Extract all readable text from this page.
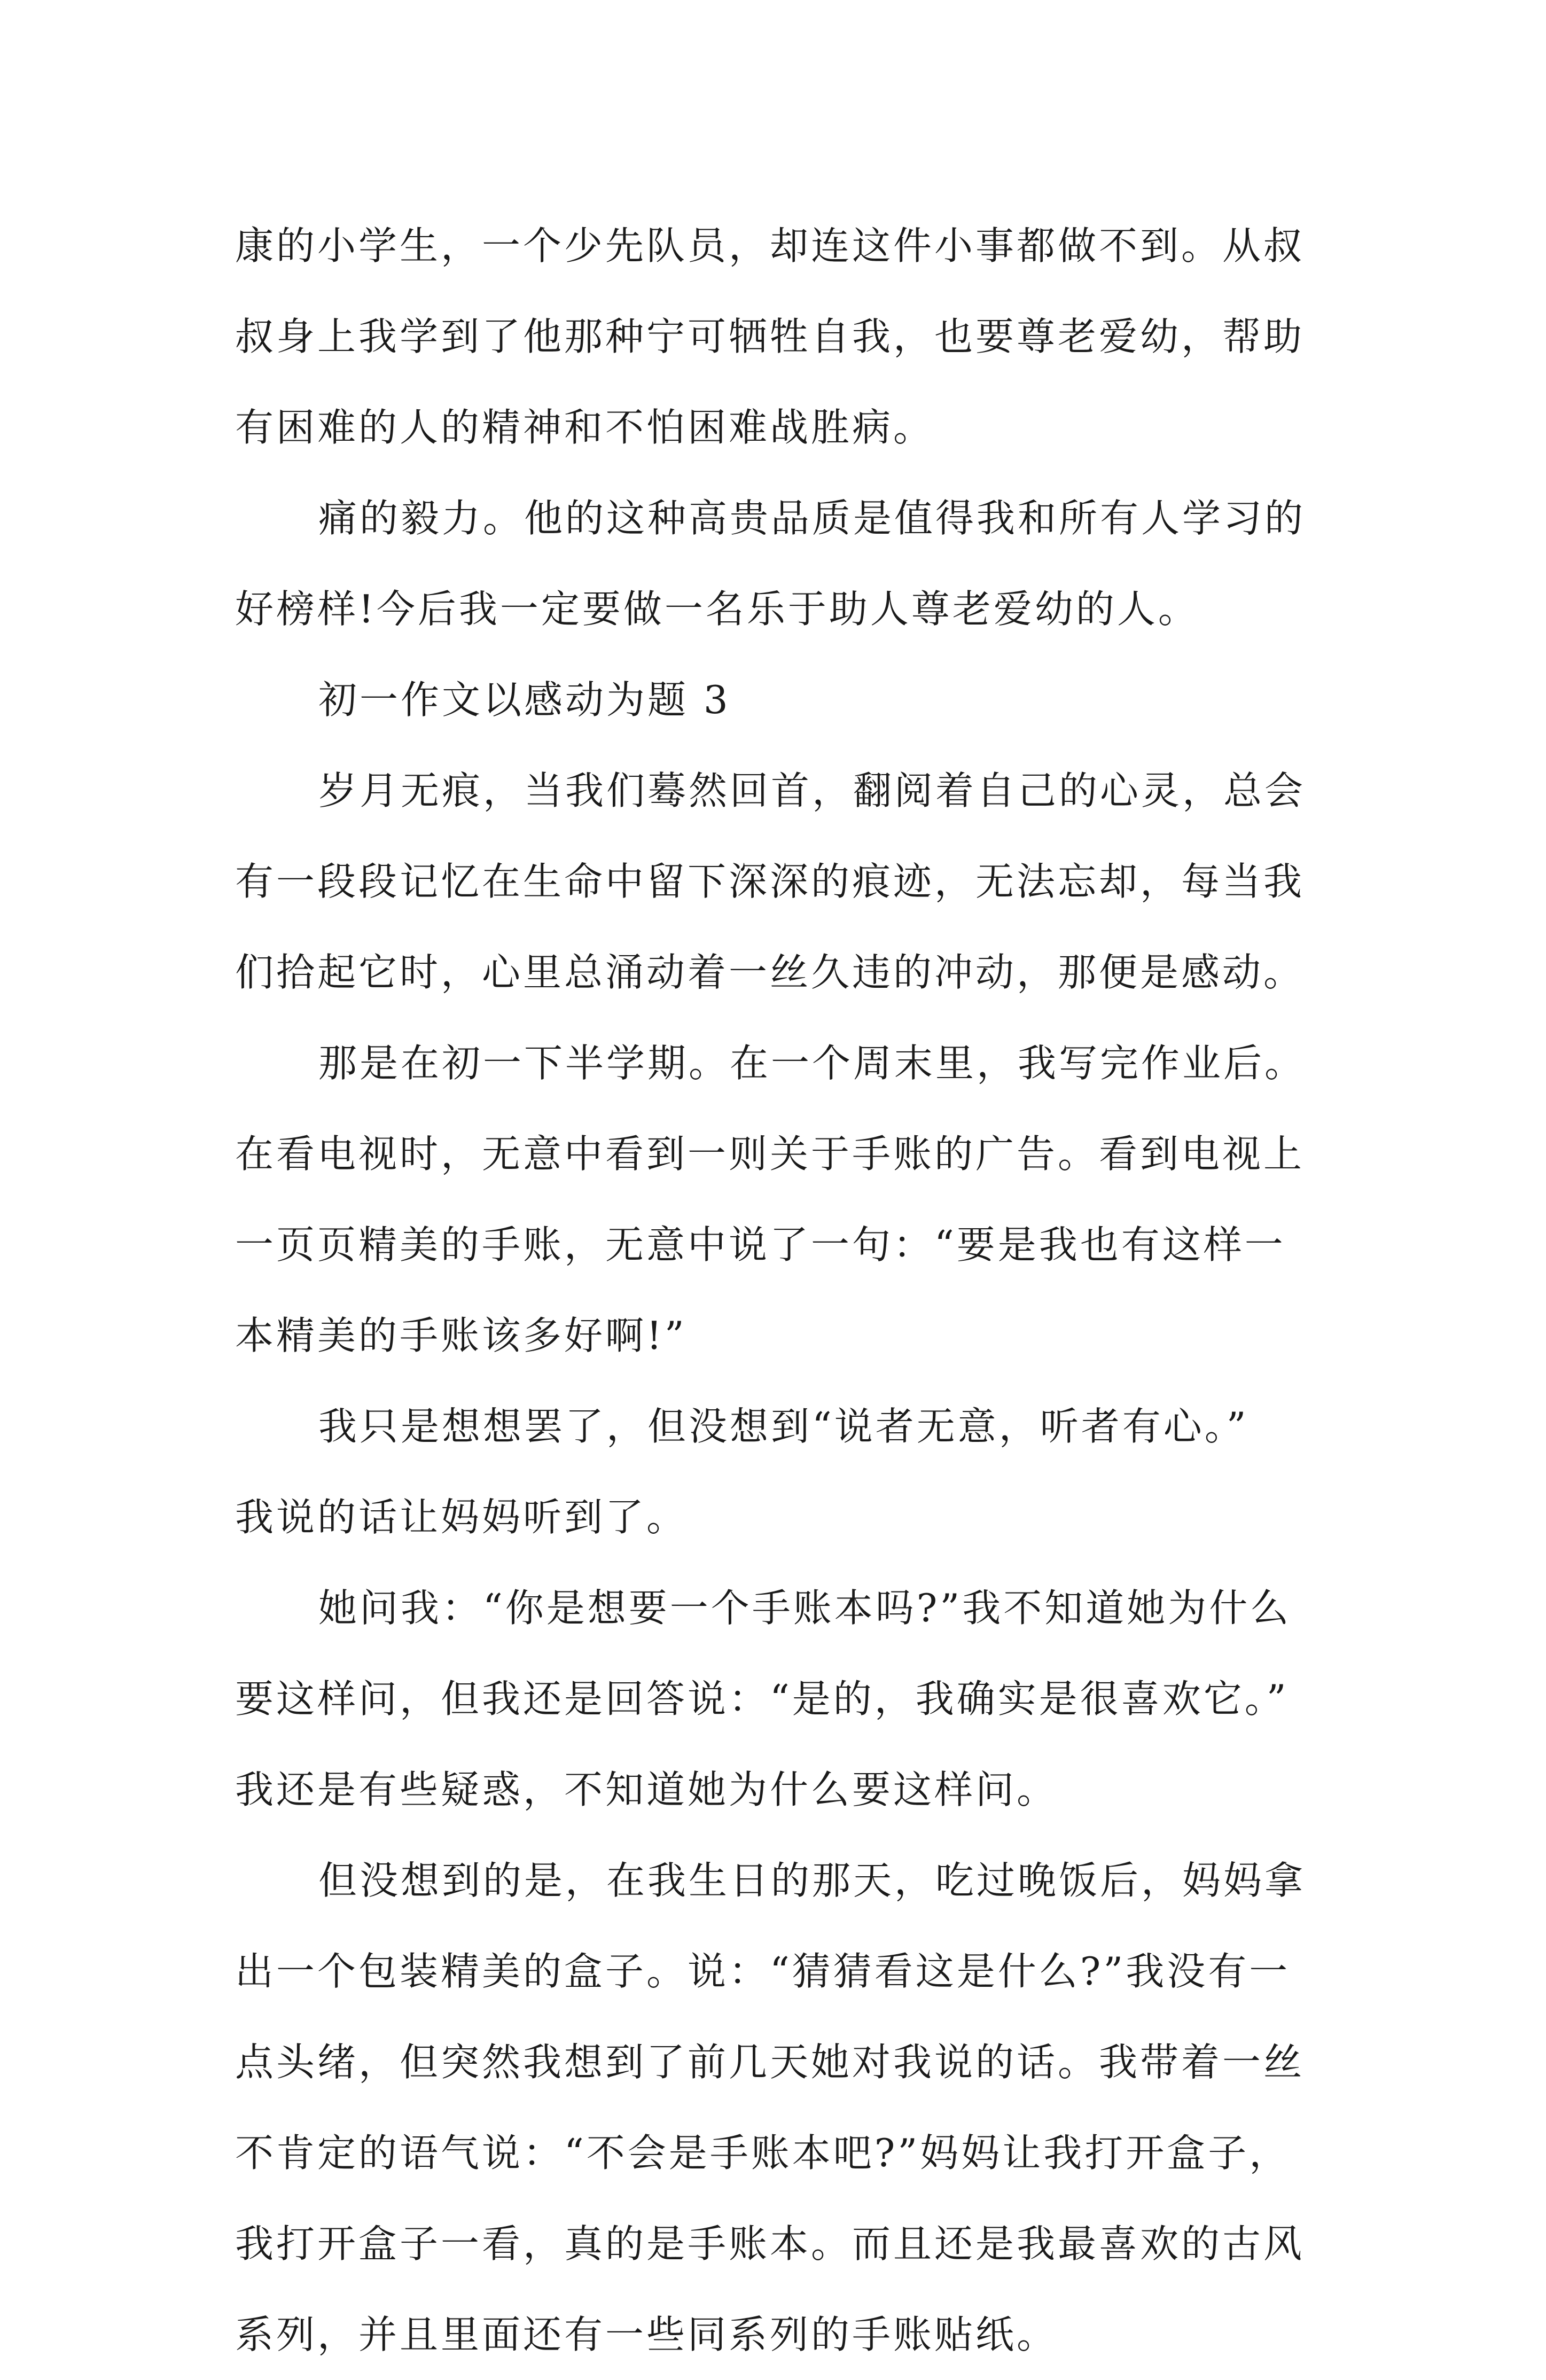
康的小学生，一个少先队员，却连这件小事都做不到。从叔
叔身上我学到了他那种宁可牺牲自我，也要尊老爱幼，帮助
有困难的人的精神和不怕困难战胜病。
痛的毅力。他的这种高贵品质是值得我和所有人学习的
好榜样!今后我一定要做一名乐于助人尊老爱幼的人。
初一作文以感动为题 3
岁月无痕，当我们蓦然回首，翻阅着自己的心灵，总会
有一段段记忆在生命中留下深深的痕迹，无法忘却，每当我
们拾起它时，心里总涌动着一丝久违的冲动，那便是感动。
那是在初一下半学期。在一个周末里，我写完作业后。
在看电视时，无意中看到一则关于手账的广告。看到电视上
一页页精美的手账，无意中说了一句：“要是我也有这样一
本精美的手账该多好啊!”
我只是想想罢了，但没想到“说者无意，听者有心。”
我说的话让妈妈听到了。
她问我：“你是想要一个手账本吗?”我不知道她为什么
要这样问，但我还是回答说：“是的，我确实是很喜欢它。”
我还是有些疑惑，不知道她为什么要这样问。
但没想到的是，在我生日的那天，吃过晚饭后，妈妈拿
出一个包装精美的盒子。说：“猜猜看这是什么?”我没有一
点头绪，但突然我想到了前几天她对我说的话。我带着一丝
不肯定的语气说：“不会是手账本吧?”妈妈让我打开盒子，
我打开盒子一看，真的是手账本。而且还是我最喜欢的古风
系列，并且里面还有一些同系列的手账贴纸。
